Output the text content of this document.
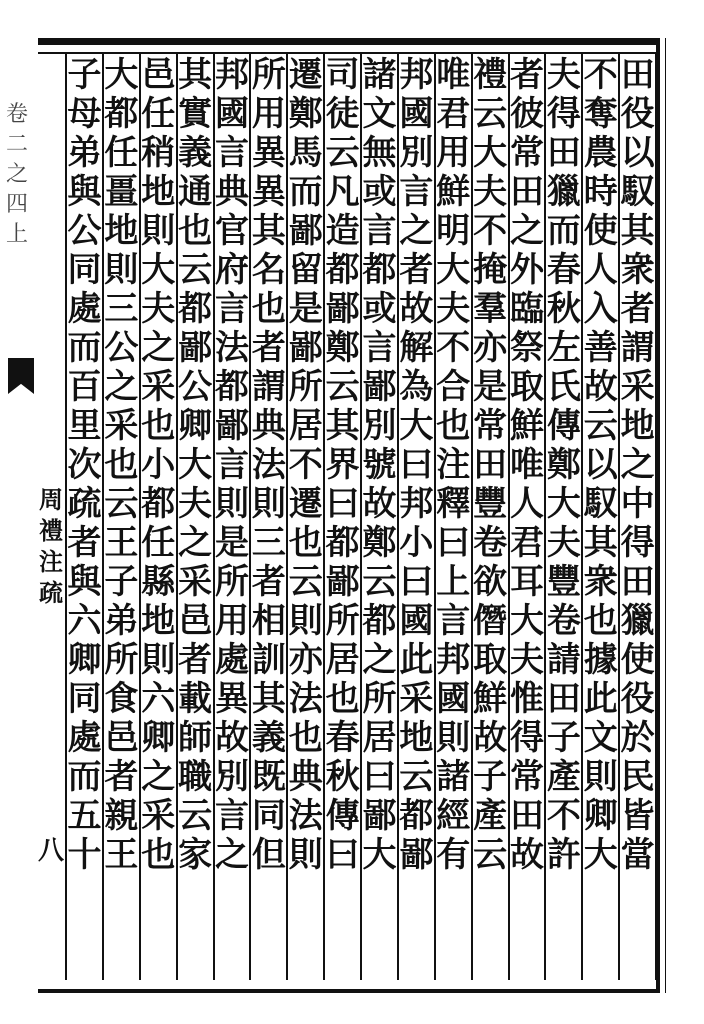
卷
二
之
四
上
周
禮
注
疏
八
田
役
以
馭
其
衆
者
謂
采
地
之
中
得
田
獵
使
役
於
民
皆
當
不
奪
農
時
使
人
入
善
故
云
以
馭
其
衆
也
據
此
文
則
卿
大
夫
得
田
獵
而
春
秋
左
氏
傳
鄭
大
夫
豐
卷
請
田
子
產
不
許
者
彼
常
田
之
外
臨
祭
取
鮮
唯
人
君
耳
大
夫
惟
得
常
田
故
禮
云
大
夫
不
掩
羣
亦
是
常
田
豐
卷
欲
僭
取
鮮
故
子
產
云
唯
君
用
鮮
明
大
夫
不
合
也
注
釋
曰
上
言
邦
國
則
諸
經
有
邦
國
別
言
之
者
故
解
為
大
曰
邦
小
曰
國
此
采
地
云
都
鄙
諸
文
無
或
言
都
或
言
鄙
別
號
故
鄭
云
都
之
所
居
曰
鄙
大
司
徒
云
凡
造
都
鄙
鄭
云
其
界
曰
都
鄙
所
居
也
春
秋
傳
曰
遷
鄭
馬
而
鄙
留
是
鄙
所
居
不
遷
也
云
則
亦
法
也
典
法
則
所
用
異
異
其
名
也
者
謂
典
法
則
三
者
相
訓
其
義
既
同
但
邦
國
言
典
官
府
言
法
都
鄙
言
則
是
所
用
處
異
故
別
言
之
其
實
義
通
也
云
都
鄙
公
卿
大
夫
之
采
邑
者
載
師
職
云
家
邑
任
稍
地
則
大
夫
之
采
也
小
都
任
縣
地
則
六
卿
之
采
也
大
都
任
畺
地
則
三
公
之
采
也
云
王
子
弟
所
食
邑
者
親
王
子
母
弟
與
公
同
處
而
百
里
次
疏
者
與
六
卿
同
處
而
五
十
